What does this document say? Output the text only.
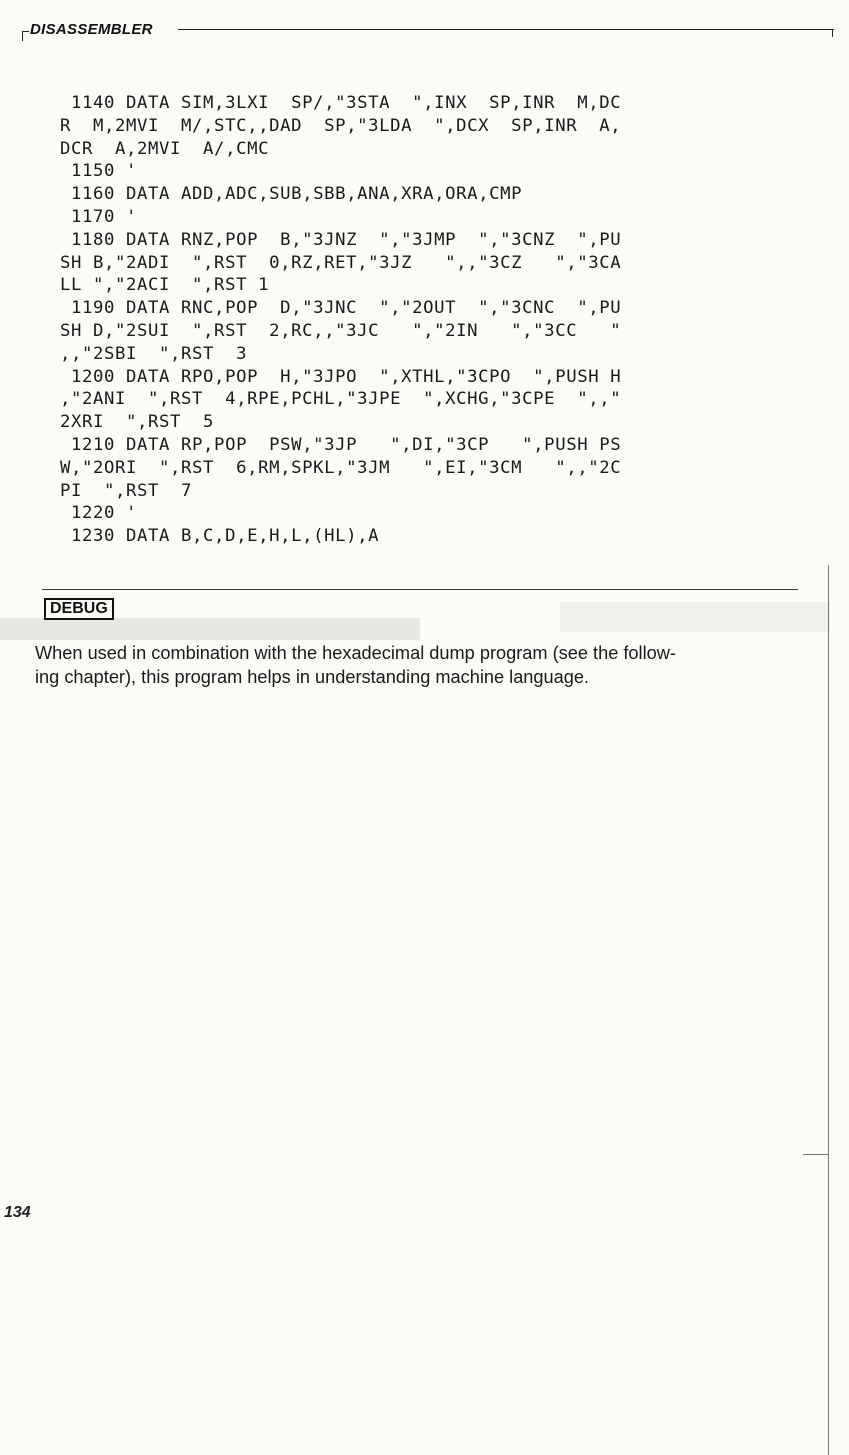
DISASSEMBLER
1140 DATA SIM,3LXI  SP/,"3STA  ",INX  SP,INR  M,DC
R  M,2MVI  M/,STC,,DAD  SP,"3LDA  ",DCX  SP,INR  A,
DCR  A,2MVI  A/,CMC
1150 '
1160 DATA ADD,ADC,SUB,SBB,ANA,XRA,ORA,CMP
1170 '
1180 DATA RNZ,POP  B,"3JNZ  ","3JMP  ","3CNZ  ",PU
SH B,"2ADI  ",RST  0,RZ,RET,"3JZ   ",,"3CZ   ","3CA
LL ","2ACI  ",RST 1
1190 DATA RNC,POP  D,"3JNC  ","2OUT  ","3CNC  ",PU
SH D,"2SUI  ",RST  2,RC,,"3JC   ","2IN   ","3CC   "
,,"2SBI  ",RST  3
1200 DATA RPO,POP  H,"3JPO  ",XTHL,"3CPO  ",PUSH H
,"2ANI  ",RST  4,RPE,PCHL,"3JPE  ",XCHG,"3CPE  ",,"
2XRI  ",RST  5
1210 DATA RP,POP  PSW,"3JP   ",DI,"3CP   ",PUSH PS
W,"2ORI  ",RST  6,RM,SPKL,"3JM   ",EI,"3CM   ",,"2C
PI  ",RST  7
1220 '
1230 DATA B,C,D,E,H,L,(HL),A
DEBUG
When used in combination with the hexadecimal dump program (see the follow-
ing chapter), this program helps in understanding machine language.
134
